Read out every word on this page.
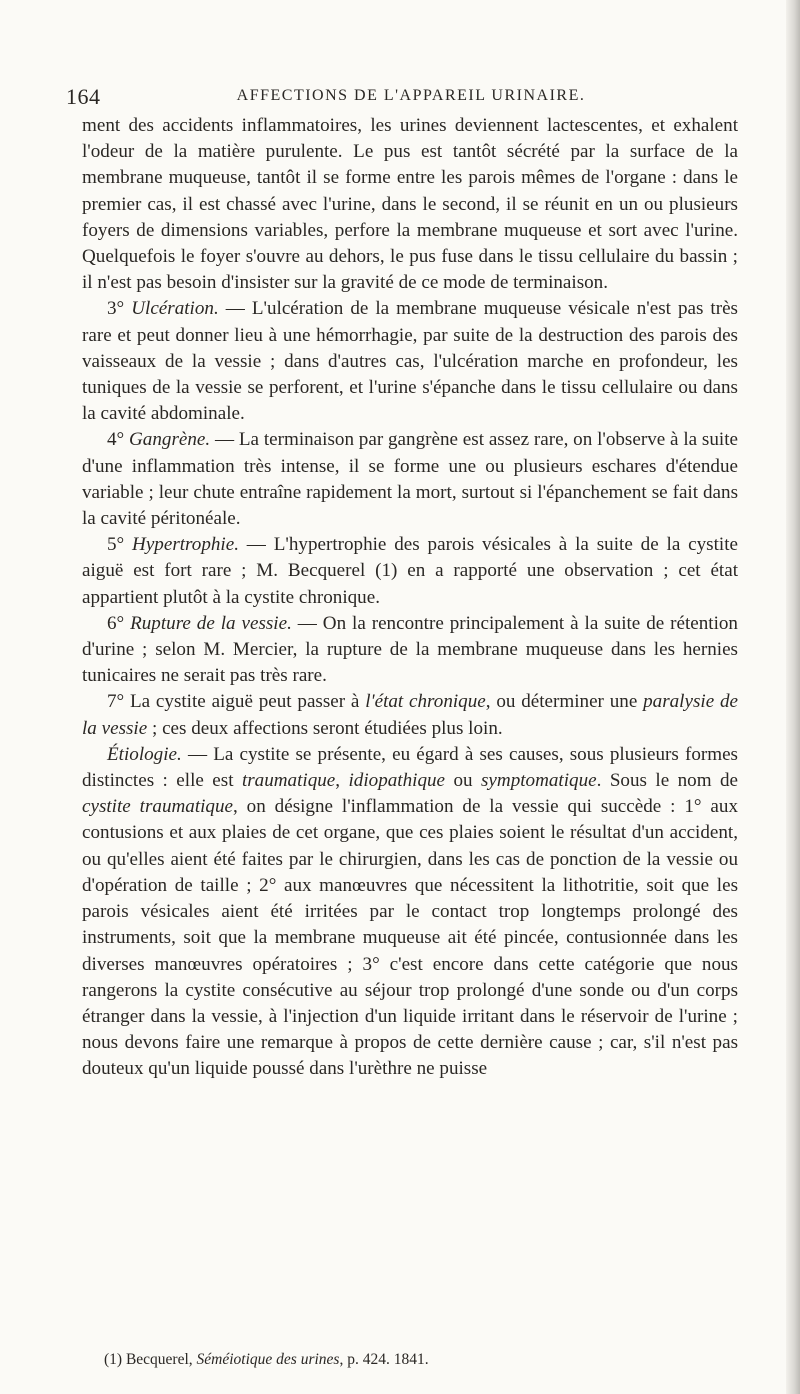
164	AFFECTIONS DE L'APPAREIL URINAIRE.

ment des accidents inflammatoires, les urines deviennent lactescentes, et exhalent l'odeur de la matière purulente. Le pus est tantôt sécrété par la surface de la membrane muqueuse, tantôt il se forme entre les parois mêmes de l'organe : dans le premier cas, il est chassé avec l'urine, dans le second, il se réunit en un ou plusieurs foyers de dimensions variables, perfore la membrane muqueuse et sort avec l'urine. Quelquefois le foyer s'ouvre au dehors, le pus fuse dans le tissu cellulaire du bassin ; il n'est pas besoin d'insister sur la gravité de ce mode de terminaison.

3° Ulcération. — L'ulcération de la membrane muqueuse vésicale n'est pas très rare et peut donner lieu à une hémorrhagie, par suite de la destruction des parois des vaisseaux de la vessie ; dans d'autres cas, l'ulcération marche en profondeur, les tuniques de la vessie se perforent, et l'urine s'épanche dans le tissu cellulaire ou dans la cavité abdominale.

4° Gangrène. — La terminaison par gangrène est assez rare, on l'observe à la suite d'une inflammation très intense, il se forme une ou plusieurs eschares d'étendue variable ; leur chute entraîne rapidement la mort, surtout si l'épanchement se fait dans la cavité péritonéale.

5° Hypertrophie. — L'hypertrophie des parois vésicales à la suite de la cystite aiguë est fort rare ; M. Becquerel (1) en a rapporté une observation ; cet état appartient plutôt à la cystite chronique.

6° Rupture de la vessie. — On la rencontre principalement à la suite de rétention d'urine ; selon M. Mercier, la rupture de la membrane muqueuse dans les hernies tunicaires ne serait pas très rare.

7° La cystite aiguë peut passer à l'état chronique, ou déterminer une paralysie de la vessie ; ces deux affections seront étudiées plus loin.

Étiologie. — La cystite se présente, eu égard à ses causes, sous plusieurs formes distinctes : elle est traumatique, idiopathique ou symptomatique. Sous le nom de cystite traumatique, on désigne l'inflammation de la vessie qui succède : 1° aux contusions et aux plaies de cet organe, que ces plaies soient le résultat d'un accident, ou qu'elles aient été faites par le chirurgien, dans les cas de ponction de la vessie ou d'opération de taille ; 2° aux manœuvres que nécessitent la lithotritie, soit que les parois vésicales aient été irritées par le contact trop longtemps prolongé des instruments, soit que la membrane muqueuse ait été pincée, contusionnée dans les diverses manœuvres opératoires ; 3° c'est encore dans cette catégorie que nous rangerons la cystite consécutive au séjour trop prolongé d'une sonde ou d'un corps étranger dans la vessie, à l'injection d'un liquide irritant dans le réservoir de l'urine ; nous devons faire une remarque à propos de cette dernière cause ; car, s'il n'est pas douteux qu'un liquide poussé dans l'urèthre ne puisse

(1) Becquerel, Séméiotique des urines, p. 424. 1841.
